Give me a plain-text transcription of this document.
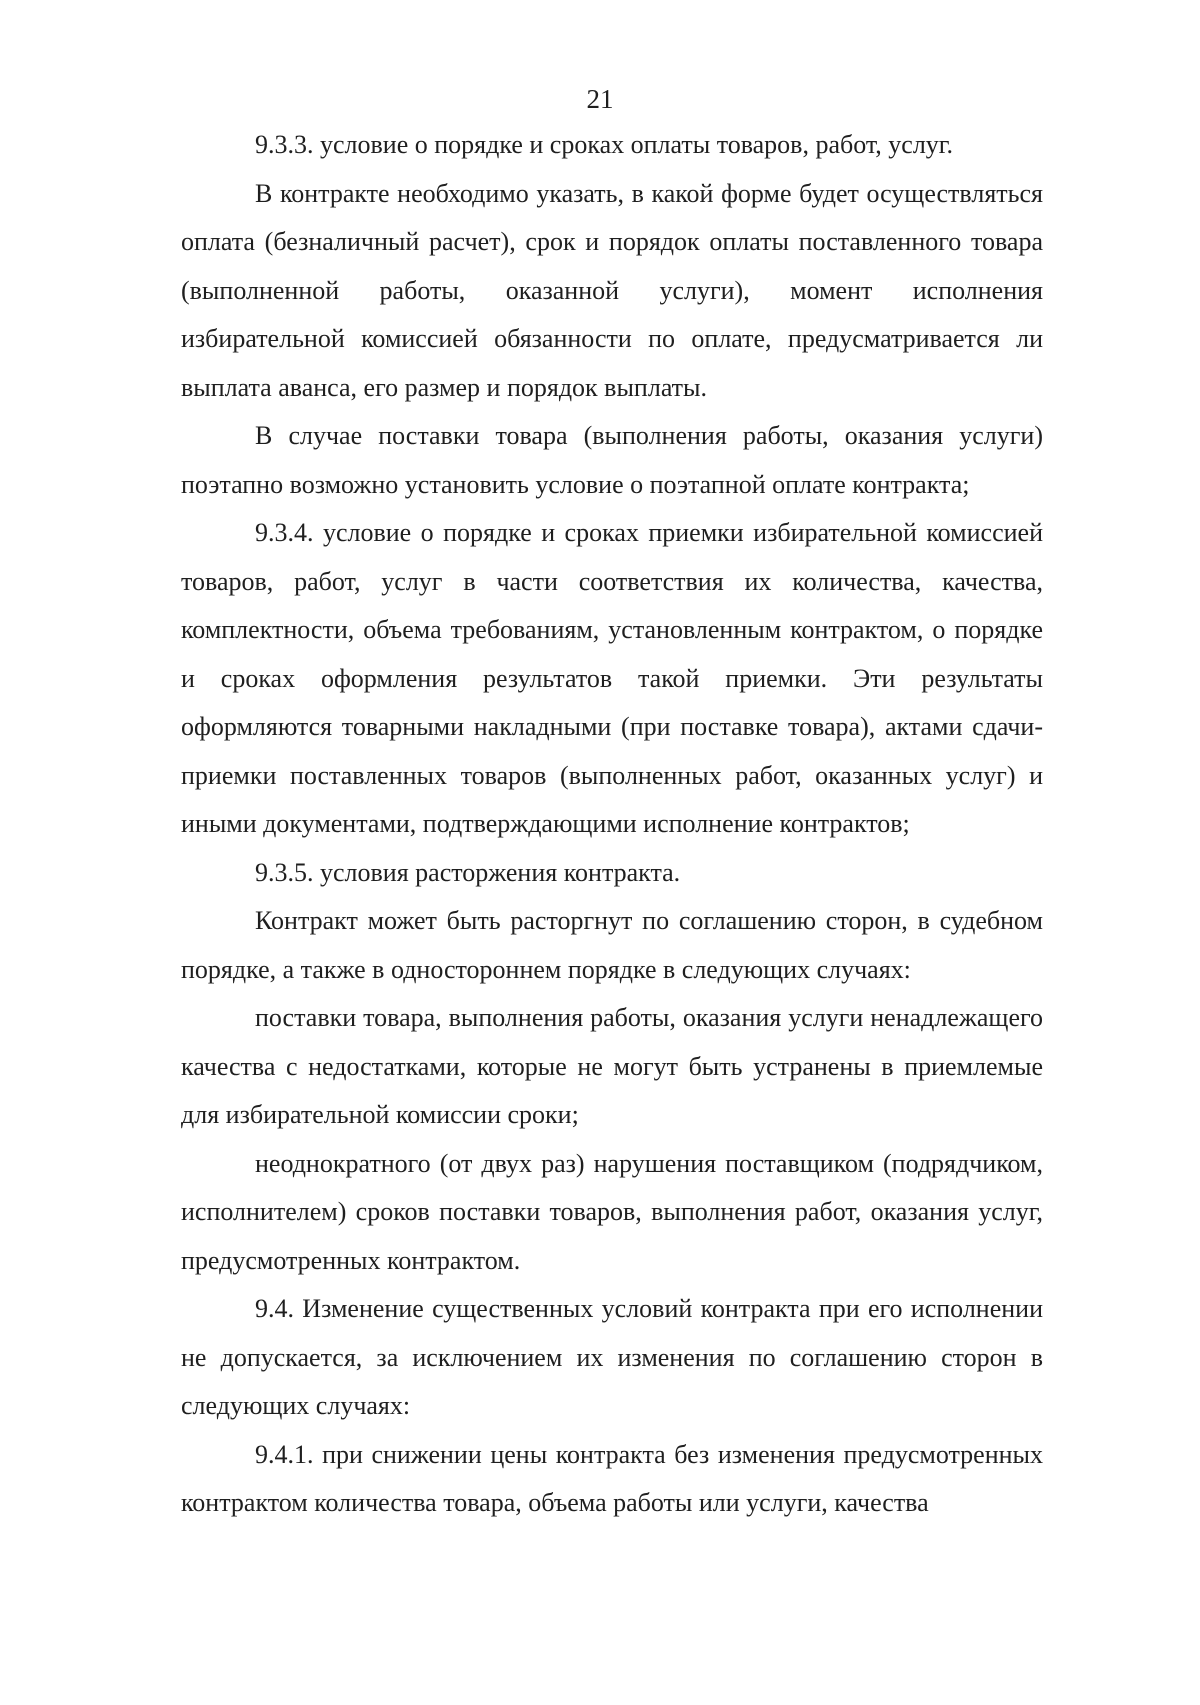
21

9.3.3. условие о порядке и сроках оплаты товаров, работ, услуг.

В контракте необходимо указать, в какой форме будет осуществляться оплата (безналичный расчет), срок и порядок оплаты поставленного товара (выполненной работы, оказанной услуги), момент исполнения избирательной комиссией обязанности по оплате, предусматривается ли выплата аванса, его размер и порядок выплаты.

В случае поставки товара (выполнения работы, оказания услуги) поэтапно возможно установить условие о поэтапной оплате контракта;

9.3.4. условие о порядке и сроках приемки избирательной комиссией товаров, работ, услуг в части соответствия их количества, качества, комплектности, объема требованиям, установленным контрактом, о порядке и сроках оформления результатов такой приемки. Эти результаты оформляются товарными накладными (при поставке товара), актами сдачи-приемки поставленных товаров (выполненных работ, оказанных услуг) и иными документами, подтверждающими исполнение контрактов;

9.3.5. условия расторжения контракта.

Контракт может быть расторгнут по соглашению сторон, в судебном порядке, а также в одностороннем порядке в следующих случаях:

поставки товара, выполнения работы, оказания услуги ненадлежащего качества с недостатками, которые не могут быть устранены в приемлемые для избирательной комиссии сроки;

неоднократного (от двух раз) нарушения поставщиком (подрядчиком, исполнителем) сроков поставки товаров, выполнения работ, оказания услуг, предусмотренных контрактом.

9.4. Изменение существенных условий контракта при его исполнении не допускается, за исключением их изменения по соглашению сторон в следующих случаях:

9.4.1. при снижении цены контракта без изменения предусмотренных контрактом количества товара, объема работы или услуги, качества
